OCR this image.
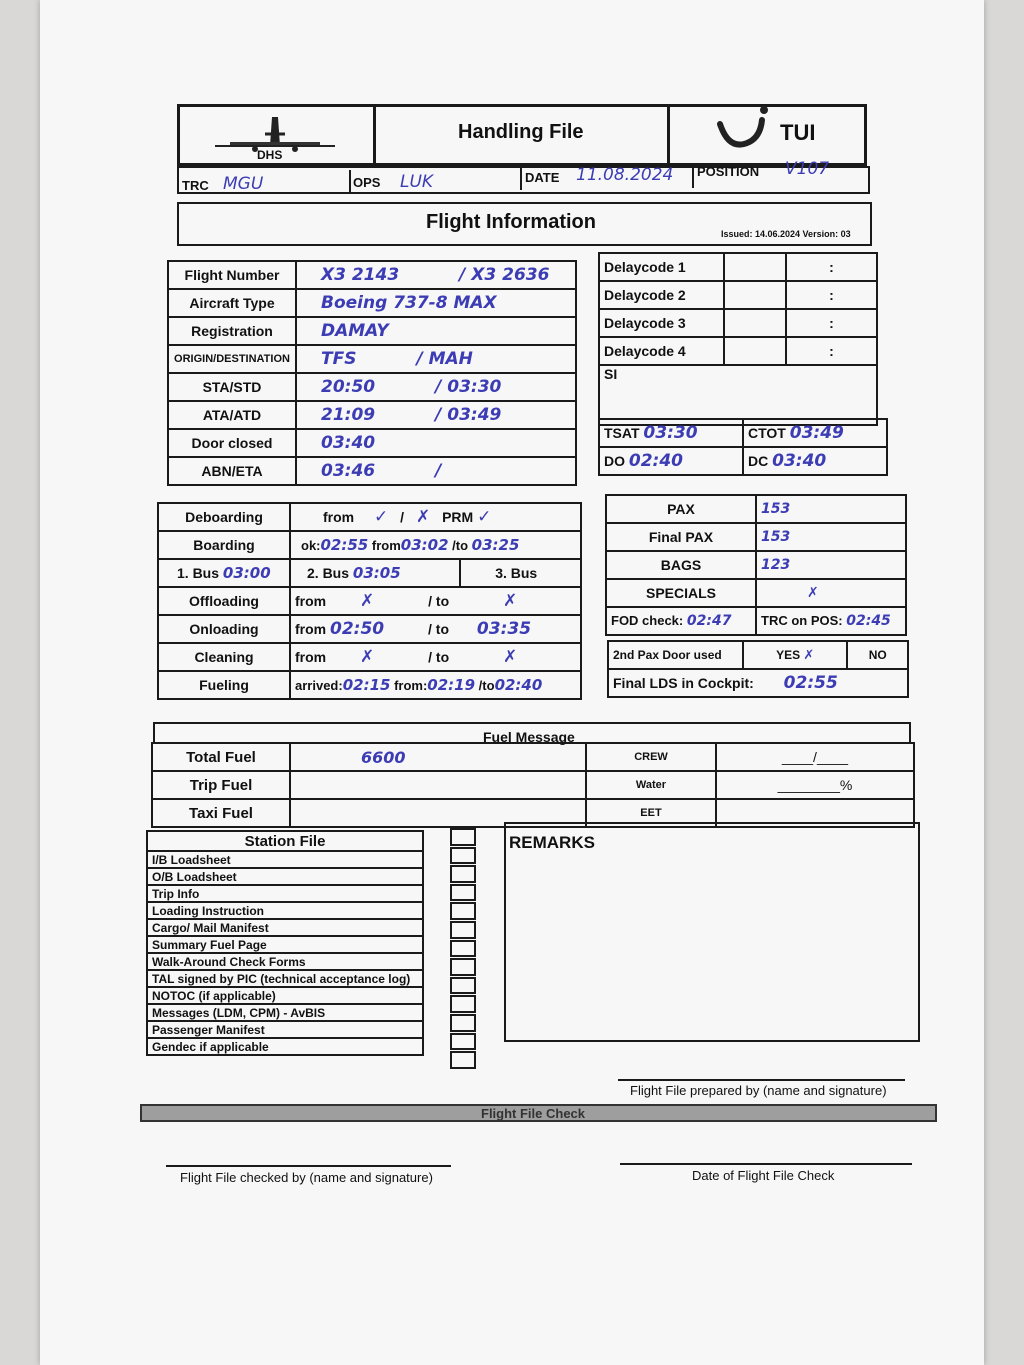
DHS
Handling File	TUI
TRC MGU	OPS LUK	DATE 11.08.2024 POSITION V107
Flight Information
Issued: 14.06.2024 Version: 03
Flight Number	X3 2143 / X3 2636
Aircraft Type	Boeing 737-8 MAX
Registration	DAMAY
ORIGIN/DESTINATION	TFS / MAH
STA/STD	20:50 / 03:30
ATA/ATD	21:09 / 03:49
Door closed	03:40
ABN/ETA	03:46 /
Delaycode 1		:
Delaycode 2		:
Delaycode 3		:
Delaycode 4		:
SI		
TSAT 03:30	CTOT 03:49
DO 02:40	DC 03:40
Deboarding	from ✓ / ✗ PRM ✓	
Boarding	ok:02:55 from03:02 /to 03:25	
1. Bus 03:00	2. Bus 03:05	3. Bus
Offloading	from ✗ / to ✗	
Onloading	from 02:50 / to 03:35	
Cleaning	from ✗ / to ✗	
Fueling	arrived:02:15 from:02:19 /to02:40	
PAX	153
Final PAX	153
BAGS	123
SPECIALS	✗
FOD check: 02:47	TRC on POS: 02:45
2nd Pax Door used	YES ✗	NO
Final LDS in Cockpit: 02:55
Fuel Message
Total Fuel	6600	CREW	____/____
Trip Fuel		Water	________%
Taxi Fuel		EET	
Station File
I/B Loadsheet
O/B Loadsheet
Trip Info
Loading Instruction
Cargo/ Mail Manifest
Summary Fuel Page
Walk-Around Check Forms
TAL signed by PIC (technical acceptance log)
NOTOC (if applicable)
Messages (LDM, CPM) - AvBIS
Passenger Manifest
Gendec if applicable
REMARKS
Flight File prepared by (name and signature)
Flight File Check
Flight File checked by (name and signature)	Date of Flight File Check
